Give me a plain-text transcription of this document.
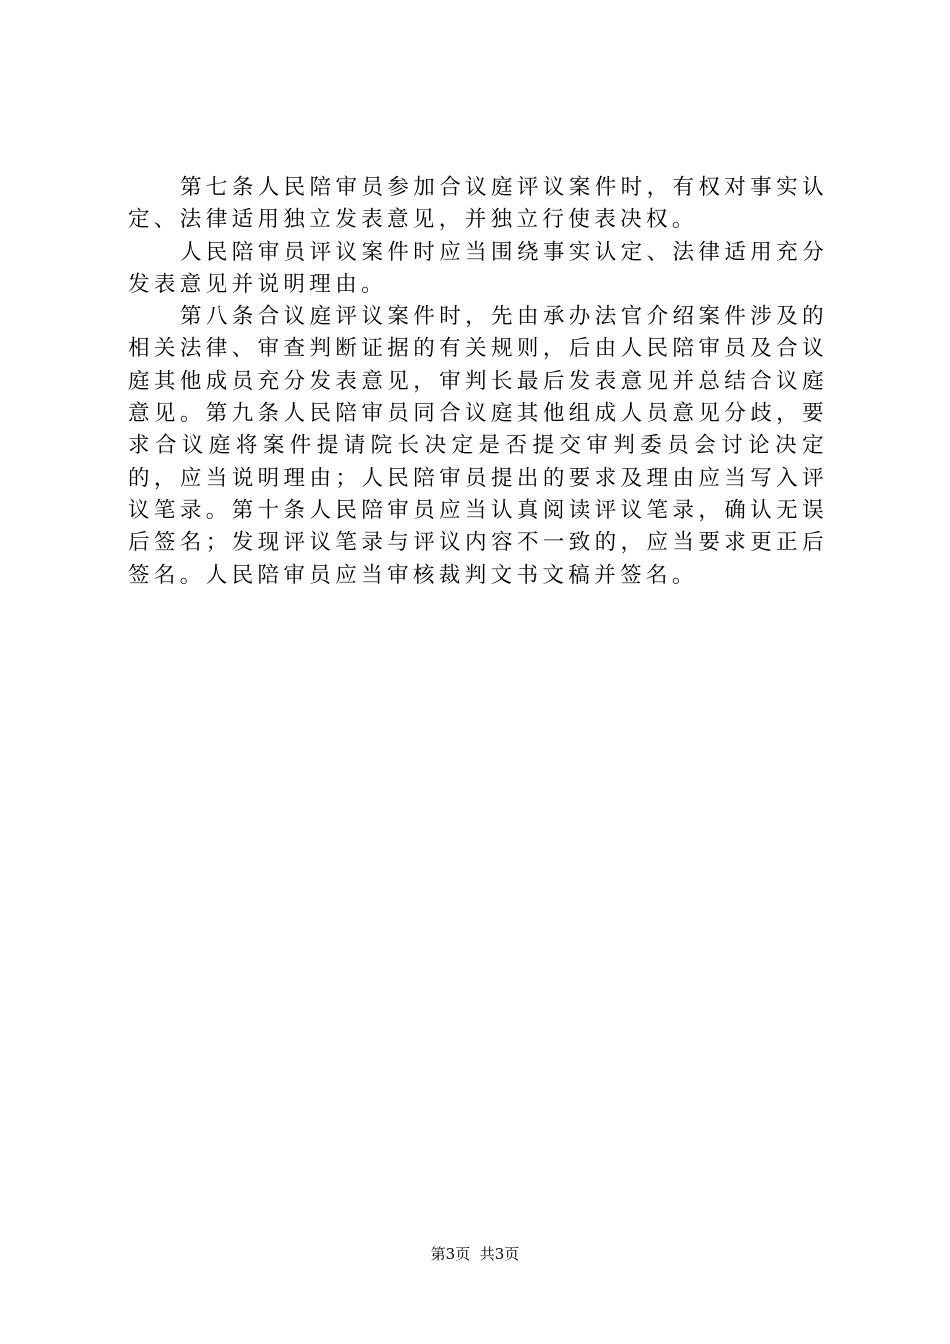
第七条人民陪审员参加合议庭评议案件时，有权对事实认定、法律适用独立发表意见，并独立行使表决权。

人民陪审员评议案件时应当围绕事实认定、法律适用充分发表意见并说明理由。

第八条合议庭评议案件时，先由承办法官介绍案件涉及的相关法律、审查判断证据的有关规则，后由人民陪审员及合议庭其他成员充分发表意见，审判长最后发表意见并总结合议庭意见。第九条人民陪审员同合议庭其他组成人员意见分歧，要求合议庭将案件提请院长决定是否提交审判委员会讨论决定的，应当说明理由；人民陪审员提出的要求及理由应当写入评议笔录。第十条人民陪审员应当认真阅读评议笔录，确认无误后签名；发现评议笔录与评议内容不一致的，应当要求更正后签名。人民陪审员应当审核裁判文书文稿并签名。

第3页 共3页
